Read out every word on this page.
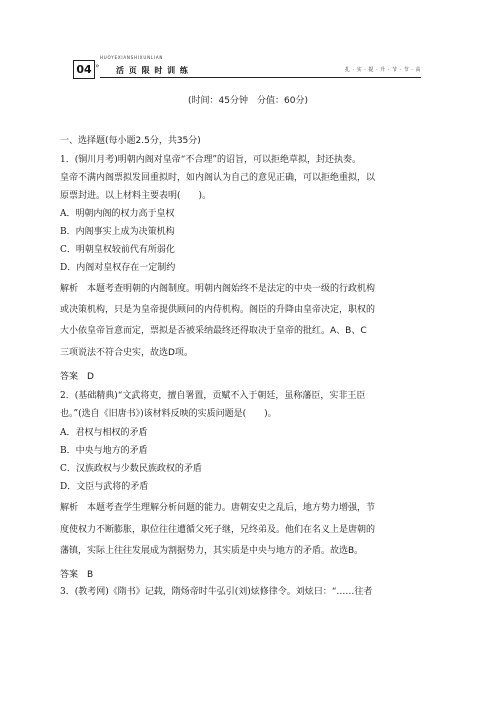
HUOYEXIANSHIXUNLIAN
04 » 活 页 限 时 训 练	扎 · 实 · 提 · 升 · 节 · 节 · 高
(时间：45分钟　分值：60分)
一、选择题(每小题2.5分，共35分)
1．(铜川月考)明朝内阁对皇帝“不合理”的诏旨，可以拒绝草拟，封还执奏。
皇帝不满内阁票拟发回重拟时，如内阁认为自己的意见正确，可以拒绝重拟，以
原票封进。以上材料主要表明(　　)。
A．明朝内阁的权力高于皇权
B．内阁事实上成为决策机构
C．明朝皇权较前代有所弱化
D．内阁对皇权存在一定制约
解析　本题考查明朝的内阁制度。明朝内阁始终不是法定的中央一级的行政机构
或决策机构，只是为皇帝提供顾问的内侍机构。阁臣的升降由皇帝决定，职权的
大小依皇帝旨意而定，票拟是否被采纳最终还得取决于皇帝的批红。A、B、C
三项说法不符合史实，故选D项。
答案　D
2．(基础精典)“文武将吏，擅自署置，贡赋不入于朝廷，虽称藩臣，实非王臣
也。”(选自《旧唐书》)该材料反映的实质问题是(　　)。
A．君权与相权的矛盾
B．中央与地方的矛盾
C．汉族政权与少数民族政权的矛盾
D．文臣与武将的矛盾
解析　本题考查学生理解分析问题的能力。唐朝安史之乱后，地方势力增强，节
度使权力不断膨胀，职位往往遭循父死子继，兄终弟及。他们在名义上是唐朝的
藩镇，实际上往往发展成为割据势力，其实质是中央与地方的矛盾。故选B。
答案　B
3．(教考网)《隋书》记载，隋炀帝时牛弘引(刘)炫修律令。刘炫曰：“……往者
